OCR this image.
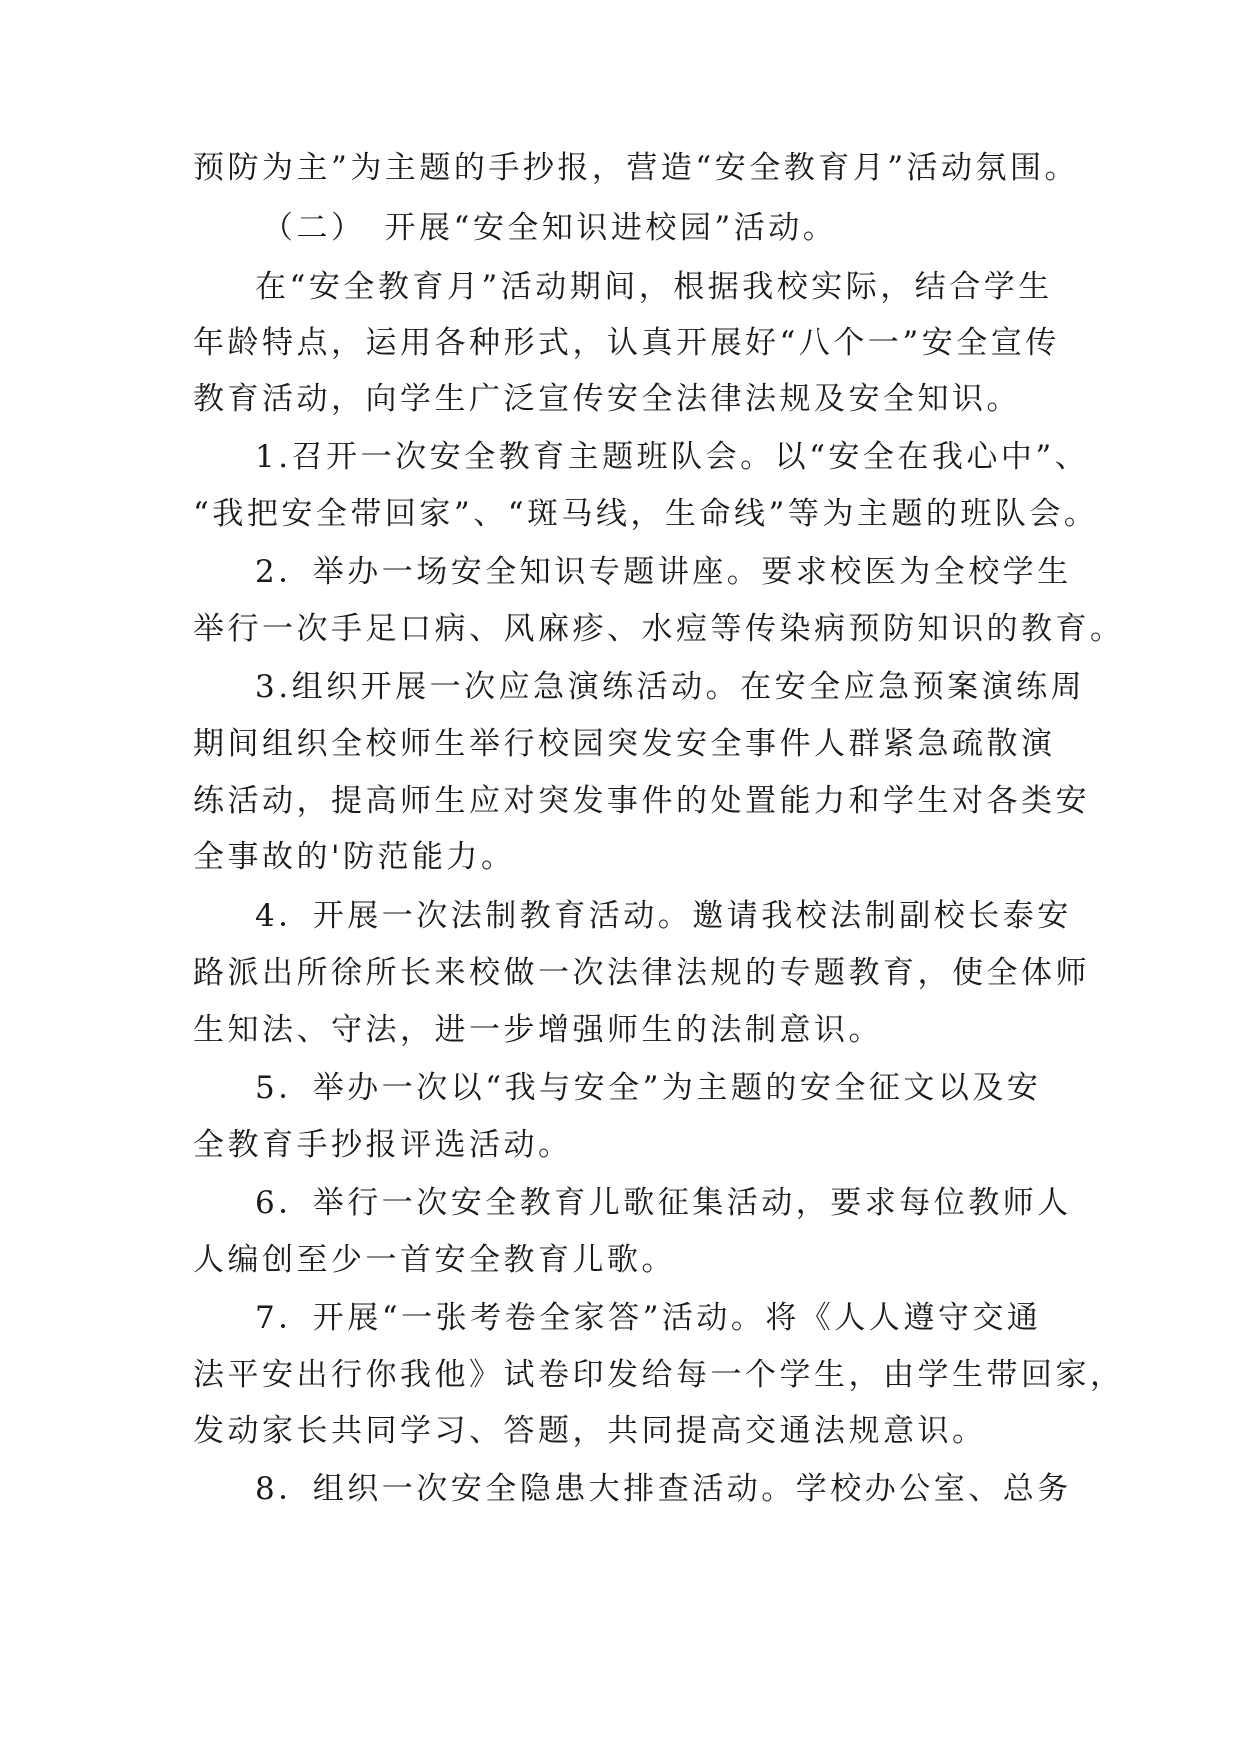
预防为主”为主题的手抄报，营造“安全教育月”活动氛围。
（二）　开展“安全知识进校园”活动。
在“安全教育月”活动期间，根据我校实际，结合学生
年龄特点，运用各种形式，认真开展好“八个一”安全宣传
教育活动，向学生广泛宣传安全法律法规及安全知识。
1.召开一次安全教育主题班队会。以“安全在我心中”、
“我把安全带回家”、“斑马线，生命线”等为主题的班队会。
2．举办一场安全知识专题讲座。要求校医为全校学生
举行一次手足口病、风麻疹、水痘等传染病预防知识的教育。
3.组织开展一次应急演练活动。在安全应急预案演练周
期间组织全校师生举行校园突发安全事件人群紧急疏散演
练活动，提高师生应对突发事件的处置能力和学生对各类安
全事故的'防范能力。
4．开展一次法制教育活动。邀请我校法制副校长泰安
路派出所徐所长来校做一次法律法规的专题教育，使全体师
生知法、守法，进一步增强师生的法制意识。
5．举办一次以“我与安全”为主题的安全征文以及安
全教育手抄报评选活动。
6．举行一次安全教育儿歌征集活动，要求每位教师人
人编创至少一首安全教育儿歌。
7．开展“一张考卷全家答”活动。将《人人遵守交通
法平安出行你我他》试卷印发给每一个学生，由学生带回家，
发动家长共同学习、答题，共同提高交通法规意识。
8．组织一次安全隐患大排查活动。学校办公室、总务
